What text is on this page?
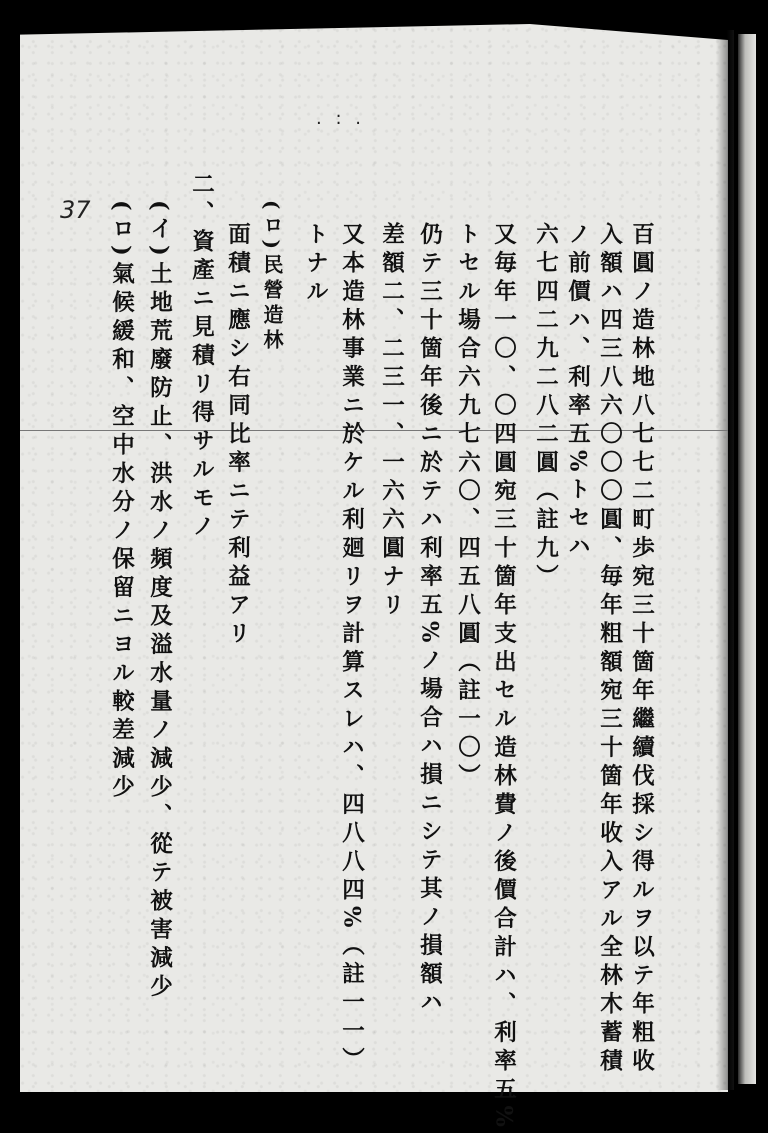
. : .
百圓ノ造林地八七七二町歩宛三十箇年繼續伐採シ得ルヲ以テ年粗收
入額ハ四三八六〇〇〇圓、毎年粗額宛三十箇年收入アル全林木蓄積
ノ前價ハ、利率五%トセハ
六七四二九二八二圓（註九）
又毎年一〇、〇四圓宛三十箇年支出セル造林費ノ後價合計ハ、利率五%
トセル場合六九七六〇、四五八圓（註一〇）
仍テ三十箇年後ニ於テハ利率五%ノ場合ハ損ニシテ其ノ損額ハ
差額二、二三一、一六六圓ナリ
又本造林事業ニ於ケル利廻リヲ計算スレハ、四八八四%（註一一）
トナル
(ロ)民營造林
面積ニ應シ右同比率ニテ利益アリ
二、資產ニ見積リ得サルモノ
(イ)土地荒廢防止、洪水ノ頻度及溢水量ノ減少、從テ被害減少
(ロ)氣候緩和、空中水分ノ保留ニヨル較差減少
37
